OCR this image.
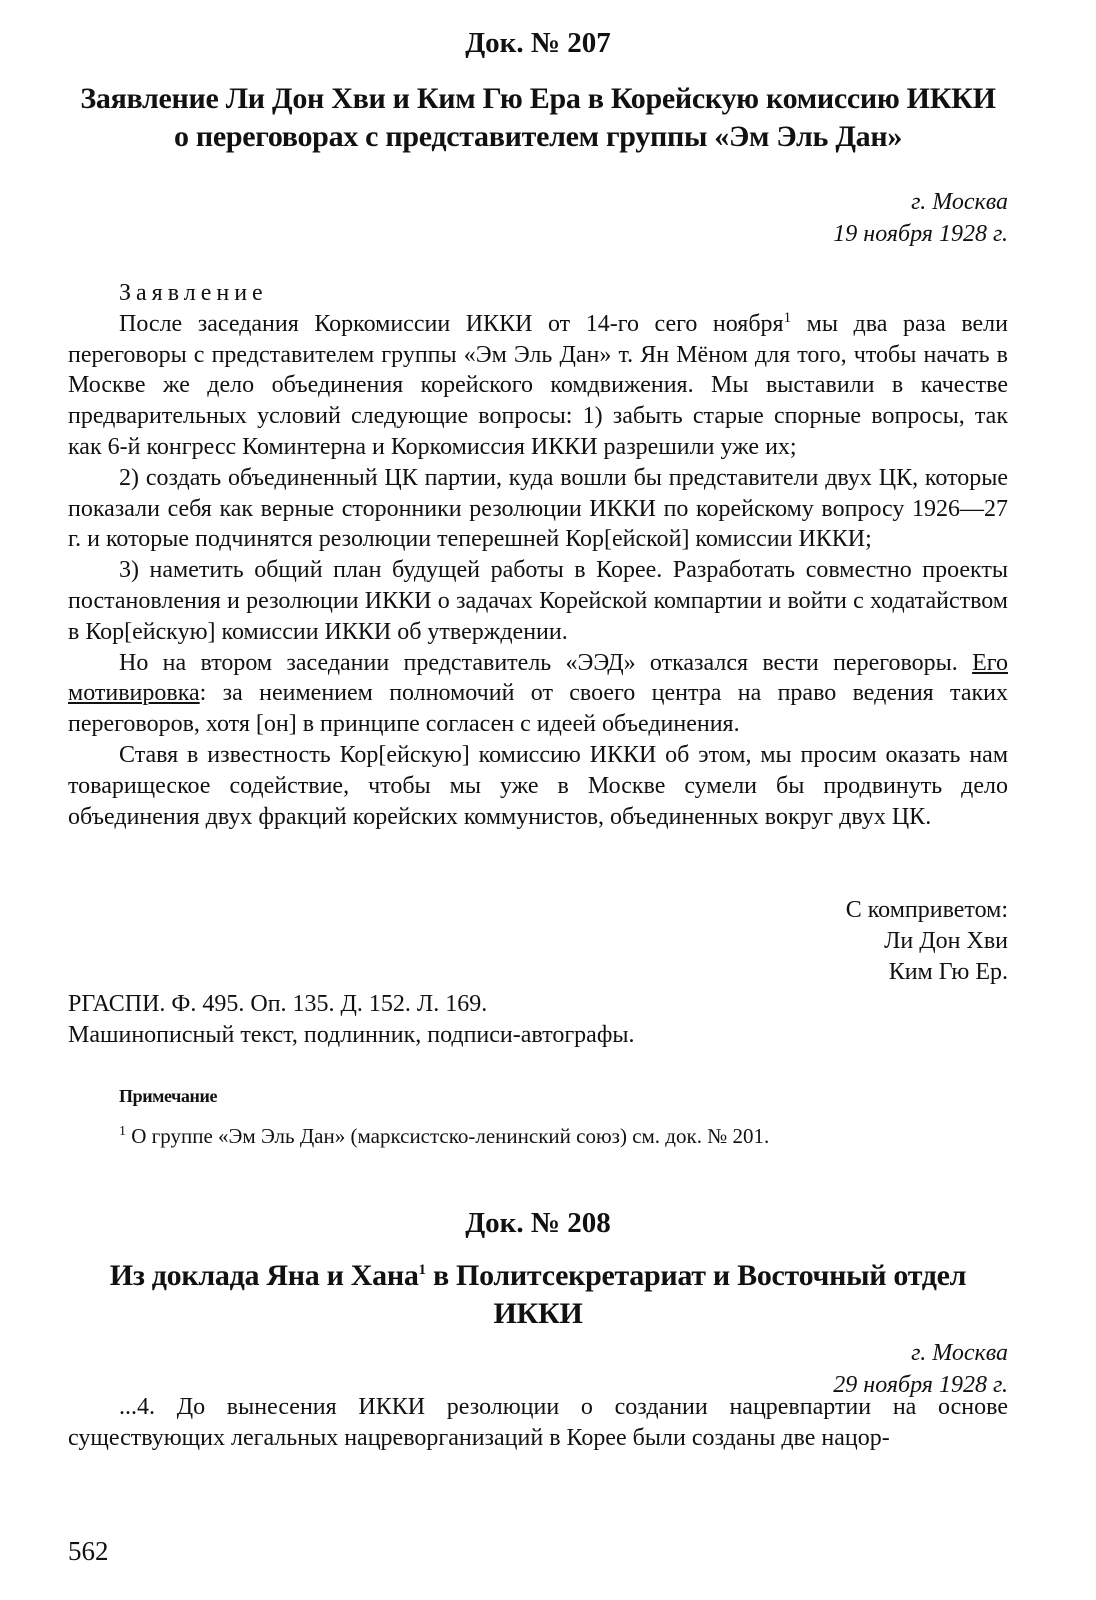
Док. № 207
Заявление Ли Дон Хви и Ким Гю Ера в Корейскую комиссию ИККИ
о переговорах с представителем группы «Эм Эль Дан»
г. Москва
19 ноября 1928 г.

Заявление

После заседания Коркомиссии ИККИ от 14-го сего ноября$^1$ мы два раза вели переговоры с представителем группы «Эм Эль Дан» т. Ян Мёном для того, чтобы начать в Москве же дело объединения корейского комдвижения. Мы выставили в качестве предварительных условий следующие вопросы: 1) забыть старые спорные вопросы, так как 6-й конгресс Коминтерна и Коркомиссия ИККИ разрешили уже их;

2) создать объединенный ЦК партии, куда вошли бы представители двух ЦК, которые показали себя как верные сторонники резолюции ИККИ по корейскому вопросу 1926—27 г. и которые подчинятся резолюции теперешней Кор[ейской] комиссии ИККИ;

3) наметить общий план будущей работы в Корее. Разработать совместно проекты постановления и резолюции ИККИ о задачах Корейской компартии и войти с ходатайством в Кор[ейскую] комиссии ИККИ об утверждении.

Но на втором заседании представитель «ЭЭД» отказался вести переговоры. Его мотивировка: за неимением полномочий от своего центра на право ведения таких переговоров, хотя [он] в принципе согласен с идеей объединения.

Ставя в известность Кор[ейскую] комиссию ИККИ об этом, мы просим оказать нам товарищеское содействие, чтобы мы уже в Москве сумели бы продвинуть дело объединения двух фракций корейских коммунистов, объединенных вокруг двух ЦК.

С комприветом:
Ли Дон Хви
Ким Гю Ер.
РГАСПИ. Ф. 495. Оп. 135. Д. 152. Л. 169.
Машинописный текст, подлинник, подписи-автографы.
Примечание
$^1$ О группе «Эм Эль Дан» (марксистско-ленинский союз) см. док. № 201.
Док. № 208
Из доклада Яна и Хана$^1$ в Политсекретариат и Восточный отдел
ИККИ
г. Москва
29 ноября 1928 г.

...4. До вынесения ИККИ резолюции о создании нацревпартии на основе существующих легальных нацреворганизаций в Корее были созданы две нацор-

562
